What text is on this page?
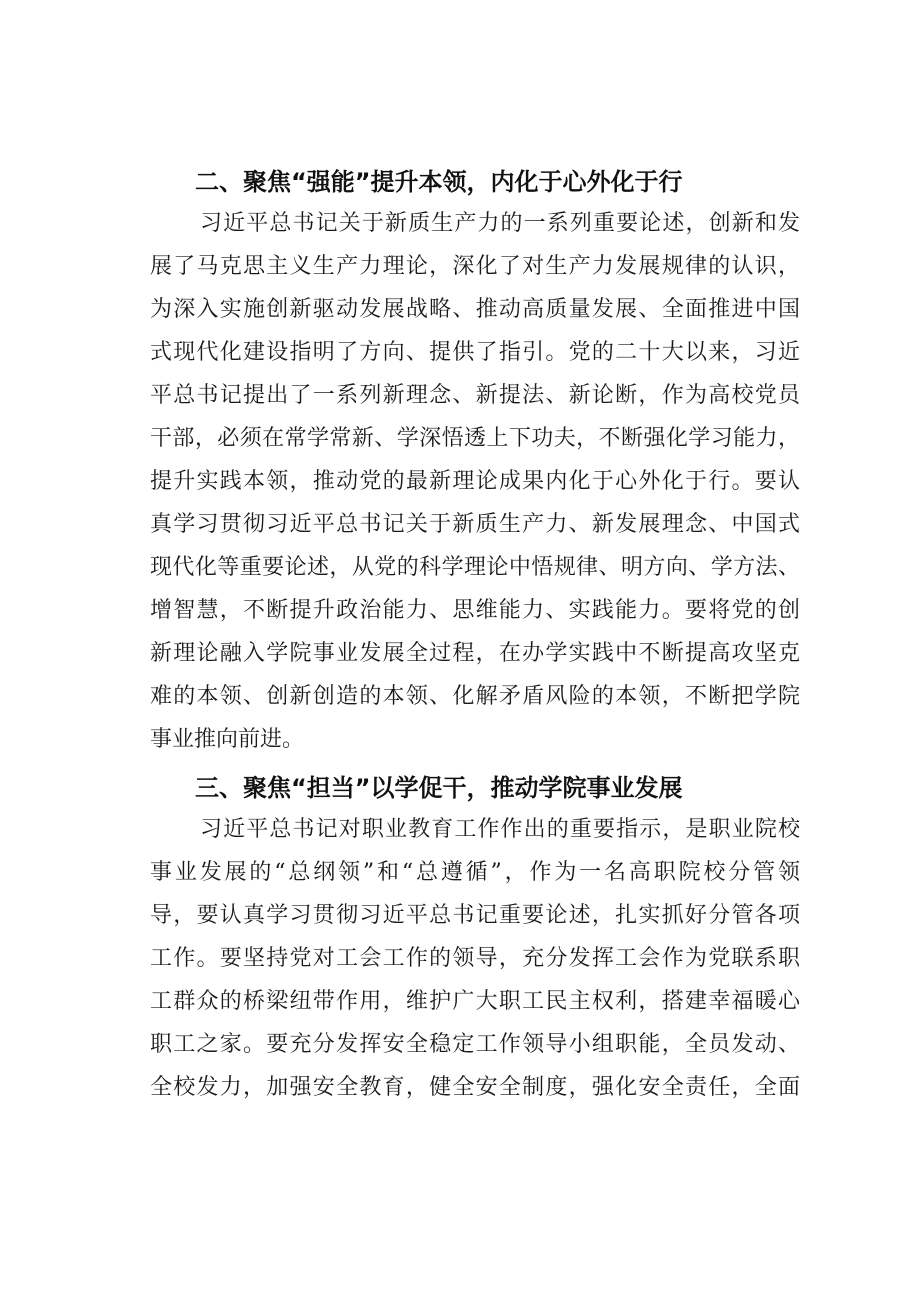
二、聚焦“强能”提升本领，内化于心外化于行
习近平总书记关于新质生产力的一系列重要论述，创新和发
展了马克思主义生产力理论，深化了对生产力发展规律的认识，
为深入实施创新驱动发展战略、推动高质量发展、全面推进中国
式现代化建设指明了方向、提供了指引。党的二十大以来，习近
平总书记提出了一系列新理念、新提法、新论断，作为高校党员
干部，必须在常学常新、学深悟透上下功夫，不断强化学习能力，
提升实践本领，推动党的最新理论成果内化于心外化于行。要认
真学习贯彻习近平总书记关于新质生产力、新发展理念、中国式
现代化等重要论述，从党的科学理论中悟规律、明方向、学方法、
增智慧，不断提升政治能力、思维能力、实践能力。要将党的创
新理论融入学院事业发展全过程，在办学实践中不断提高攻坚克
难的本领、创新创造的本领、化解矛盾风险的本领，不断把学院
事业推向前进。
三、聚焦“担当”以学促干，推动学院事业发展
习近平总书记对职业教育工作作出的重要指示，是职业院校
事业发展的“总纲领”和“总遵循”，作为一名高职院校分管领
导，要认真学习贯彻习近平总书记重要论述，扎实抓好分管各项
工作。要坚持党对工会工作的领导，充分发挥工会作为党联系职
工群众的桥梁纽带作用，维护广大职工民主权利，搭建幸福暖心
职工之家。要充分发挥安全稳定工作领导小组职能，全员发动、
全校发力，加强安全教育，健全安全制度，强化安全责任，全面
